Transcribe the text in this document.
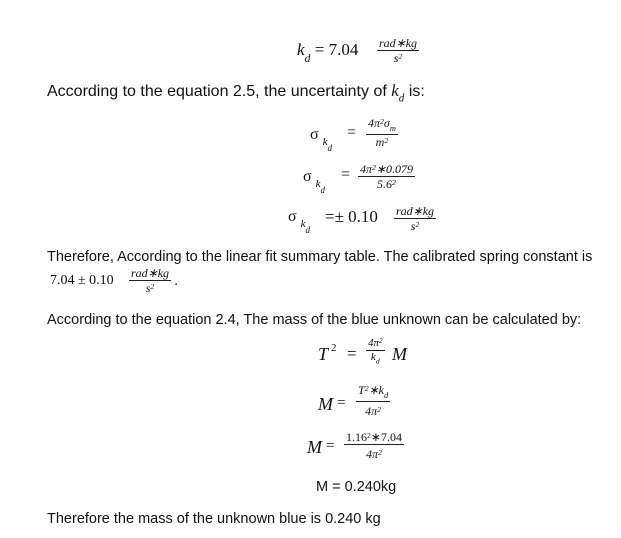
$k_d = 7.04$ rad∗kg
$s^2$
According to the equation 2.5, the uncertainty of $k_d$ is:
σ $_{kd}$
= $\frac{4\pi^2\sigma_m}{m^2}$
σ $_{kd}$
= $\frac{4\pi^2∗0.079}{5.6^2}$
σ $_{kd}$
=± 0.10 rad∗kg
$s^2$
Therefore, According to the linear fit summary table. The calibrated spring constant is
7.04 ± 0.10 rad∗kg
$s^2$ .
According to the equation 2.4, The mass of the blue unknown can be calculated by:
T $^2 = \frac{4\pi^2}{k_d}$ M
$M = \frac{T^2∗k_d}{4\pi^2}$
$M = \frac{1.16^2∗7.04}{4\pi^2}$
M = 0.240kg
Therefore the mass of the unknown blue is 0.240 kg
